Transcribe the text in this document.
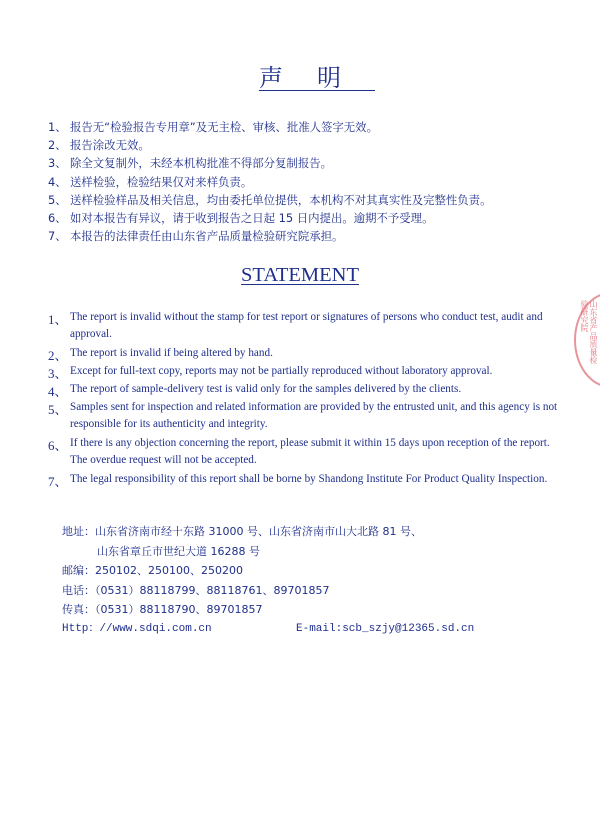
声明
1、 报告无“检验报告专用章”及无主检、审核、批准人签字无效。
2、 报告涂改无效。
3、 除全文复制外，未经本机构批准不得部分复制报告。
4、 送样检验，检验结果仅对来样负责。
5、 送样检验样品及相关信息，均由委托单位提供，本机构不对其真实性及完整性负责。
6、 如对本报告有异议，请于收到报告之日起 15 日内提出。逾期不予受理。
7、 本报告的法律责任由山东省产品质量检验研究院承担。
STATEMENT
1、 The report is invalid without the stamp for test report or signatures of persons who conduct test, audit and approval.
2、 The report is invalid if being altered by hand.
3、 Except for full-text copy, reports may not be partially reproduced without laboratory approval.
4、 The report of sample-delivery test is valid only for the samples delivered by the clients.
5、 Samples sent for inspection and related information are provided by the entrusted unit, and this agency is not responsible for its authenticity and integrity.
6、 If there is any objection concerning the report, please submit it within 15 days upon reception of the report. The overdue request will not be accepted.
7、 The legal responsibility of this report shall be borne by Shandong Institute For Product Quality Inspection.
地址：山东省济南市经十东路 31000 号、山东省济南市山大北路 81 号、
山东省章丘市世纪大道 16288 号
邮编：250102、250100、250200
电话：（0531）88118799、88118761、89701857
传真：（0531）88118790、89701857
Http：//www.sdqi.com.cn	E-mail:scb_szjy@12365.sd.cn
山东省产品质量检验研究院
